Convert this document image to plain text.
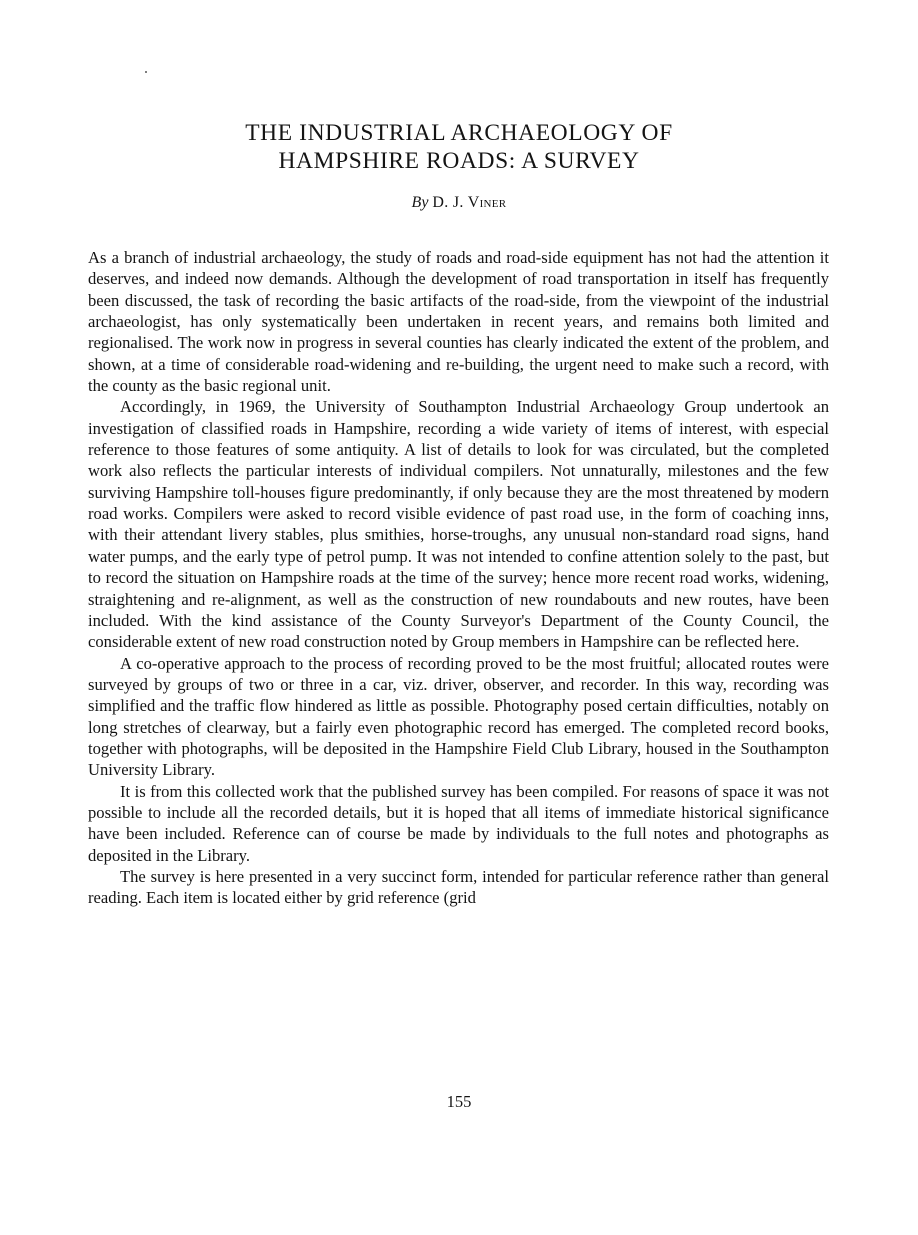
THE INDUSTRIAL ARCHAEOLOGY OF
HAMPSHIRE ROADS: A SURVEY
By D. J. Viner

As a branch of industrial archaeology, the study of roads and road-side equipment has not had the attention it deserves, and indeed now demands. Although the development of road transportation in itself has frequently been discussed, the task of recording the basic artifacts of the road-side, from the viewpoint of the industrial archaeologist, has only systematically been undertaken in recent years, and remains both limited and regionalised. The work now in progress in several counties has clearly indicated the extent of the problem, and shown, at a time of considerable road-widening and re-building, the urgent need to make such a record, with the county as the basic regional unit.

Accordingly, in 1969, the University of Southampton Industrial Archaeology Group undertook an investigation of classified roads in Hampshire, recording a wide variety of items of interest, with especial reference to those features of some antiquity. A list of details to look for was circulated, but the completed work also reflects the particular interests of individual compilers. Not unnaturally, milestones and the few surviving Hampshire toll-houses figure predominantly, if only because they are the most threatened by modern road works. Compilers were asked to record visible evidence of past road use, in the form of coaching inns, with their attendant livery stables, plus smithies, horse-troughs, any unusual non-standard road signs, hand water pumps, and the early type of petrol pump. It was not intended to confine attention solely to the past, but to record the situation on Hampshire roads at the time of the survey; hence more recent road works, widening, straightening and re-alignment, as well as the construction of new roundabouts and new routes, have been included. With the kind assistance of the County Surveyor's Department of the County Council, the considerable extent of new road construction noted by Group members in Hampshire can be reflected here.

A co-operative approach to the process of recording proved to be the most fruitful; allocated routes were surveyed by groups of two or three in a car, viz. driver, observer, and recorder. In this way, recording was simplified and the traffic flow hindered as little as possible. Photography posed certain difficulties, notably on long stretches of clearway, but a fairly even photographic record has emerged. The completed record books, together with photographs, will be deposited in the Hampshire Field Club Library, housed in the Southampton University Library.

It is from this collected work that the published survey has been compiled. For reasons of space it was not possible to include all the recorded details, but it is hoped that all items of immediate historical significance have been included. Reference can of course be made by individuals to the full notes and photographs as deposited in the Library.

The survey is here presented in a very succinct form, intended for particular reference rather than general reading. Each item is located either by grid reference (grid

155
